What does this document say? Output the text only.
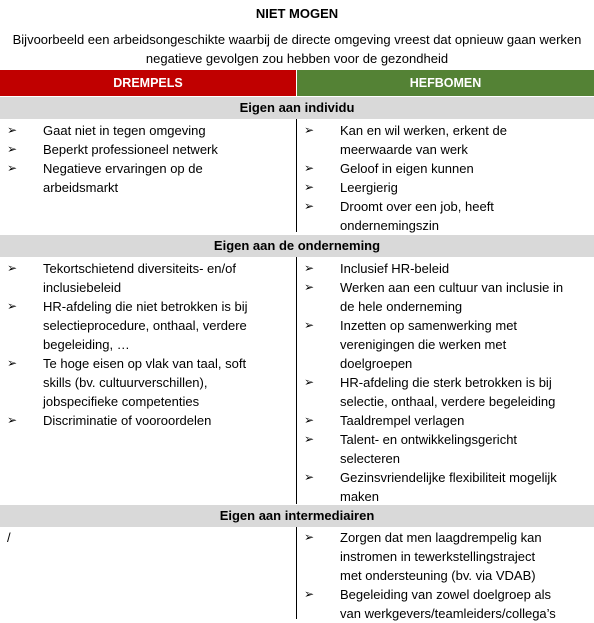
NIET MOGEN
Bijvoorbeeld een arbeidsongeschikte waarbij de directe omgeving vreest dat opnieuw gaan werken negatieve gevolgen zou hebben voor de gezondheid
DREMPELS	HEFBOMEN
Eigen aan individu
➢ Gaat niet in tegen omgeving
➢ Beperkt professioneel netwerk
➢ Negatieve ervaringen op de arbeidsmarkt
➢ Kan en wil werken, erkent de meerwaarde van werk
➢ Geloof in eigen kunnen
➢ Leergierig
➢ Droomt over een job, heeft ondernemingszin
Eigen aan de onderneming
➢ Tekortschietend diversiteits- en/of inclusiebeleid
➢ HR-afdeling die niet betrokken is bij selectieprocedure, onthaal, verdere begeleiding, …
➢ Te hoge eisen op vlak van taal, soft skills (bv. cultuurverschillen), jobspecifieke competenties
➢ Discriminatie of vooroordelen
➢ Inclusief HR-beleid
➢ Werken aan een cultuur van inclusie in de hele onderneming
➢ Inzetten op samenwerking met verenigingen die werken met doelgroepen
➢ HR-afdeling die sterk betrokken is bij selectie, onthaal, verdere begeleiding
➢ Taaldrempel verlagen
➢ Talent- en ontwikkelingsgericht selecteren
➢ Gezinsvriendelijke flexibiliteit mogelijk maken
Eigen aan intermediairen
/	➢ Zorgen dat men laagdrempelig kan instromen in tewerkstellingstraject met ondersteuning (bv. via VDAB)
➢ Begeleiding van zowel doelgroep als van werkgevers/teamleiders/collega’s
